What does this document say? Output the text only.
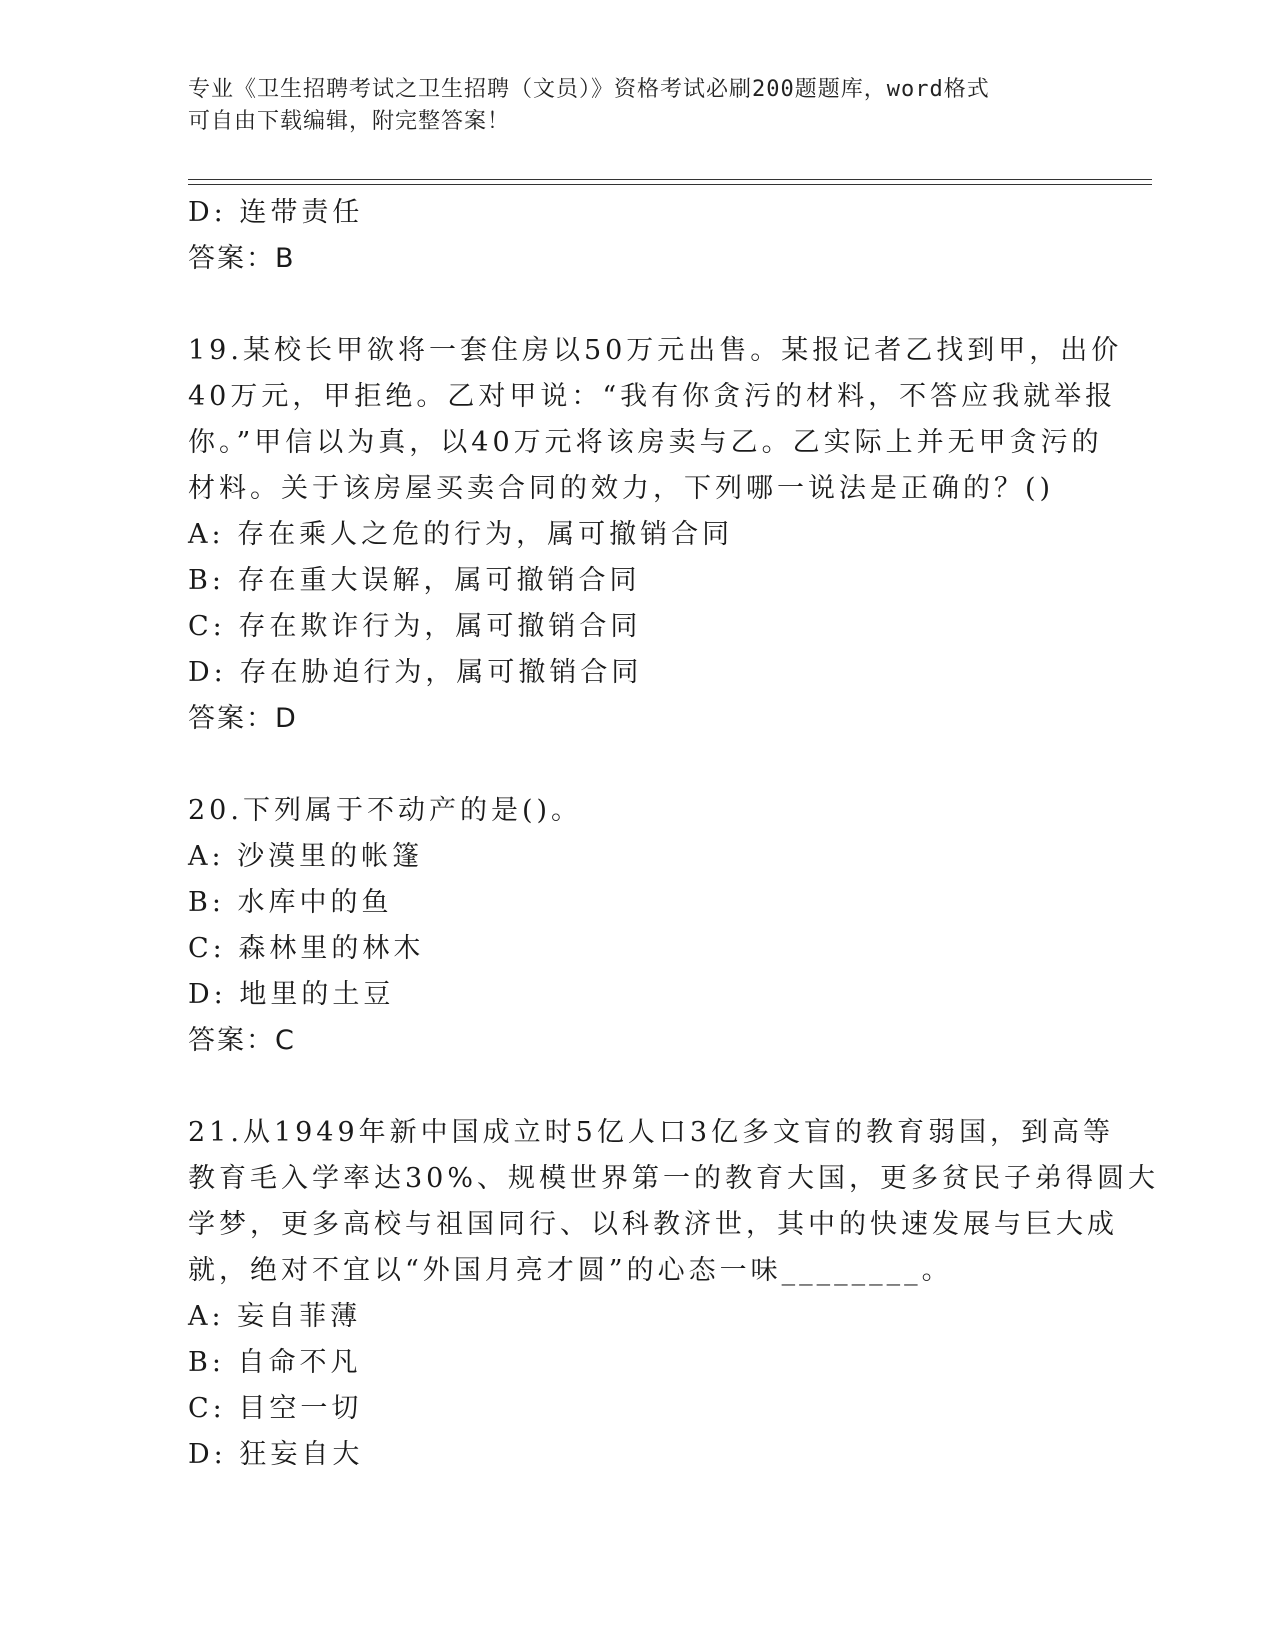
专业《卫生招聘考试之卫生招聘（文员）》资格考试必刷200题题库，word格式
可自由下载编辑，附完整答案！
D: 连带责任
答案：B
19.某校长甲欲将一套住房以50万元出售。某报记者乙找到甲，出价
40万元，甲拒绝。乙对甲说：“我有你贪污的材料，不答应我就举报
你。”甲信以为真，以40万元将该房卖与乙。乙实际上并无甲贪污的
材料。关于该房屋买卖合同的效力，下列哪一说法是正确的？()
A: 存在乘人之危的行为，属可撤销合同
B: 存在重大误解，属可撤销合同
C: 存在欺诈行为，属可撤销合同
D: 存在胁迫行为，属可撤销合同
答案：D
20.下列属于不动产的是()。
A: 沙漠里的帐篷
B: 水库中的鱼
C: 森林里的林木
D: 地里的土豆
答案：C
21.从1949年新中国成立时5亿人口3亿多文盲的教育弱国，到高等
教育毛入学率达30%、规模世界第一的教育大国，更多贫民子弟得圆大
学梦，更多高校与祖国同行、以科教济世，其中的快速发展与巨大成
就，绝对不宜以“外国月亮才圆”的心态一味________。
A: 妄自菲薄
B: 自命不凡
C: 目空一切
D: 狂妄自大
